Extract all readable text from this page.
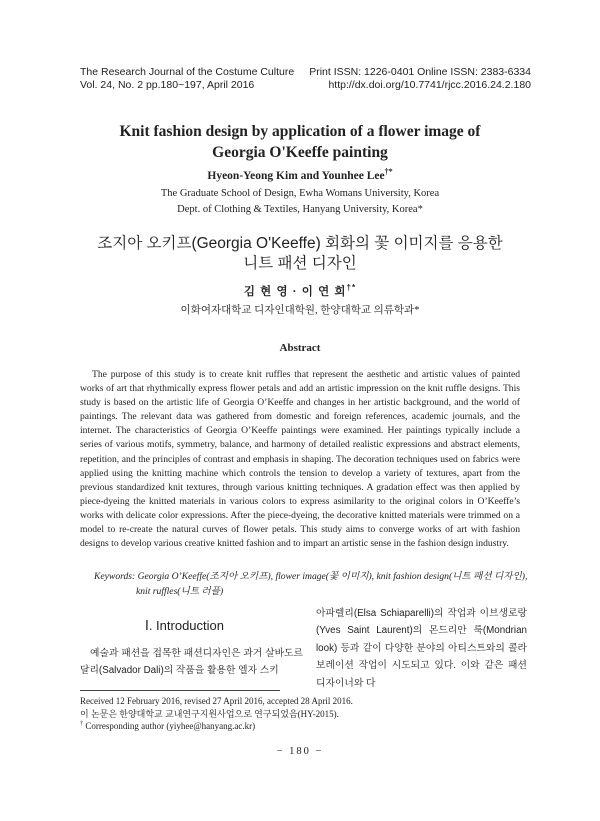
The Research Journal of the Costume Culture
Vol. 24, No. 2 pp.180~197, April 2016
Print ISSN: 1226-0401 Online ISSN: 2383-6334
http://dx.doi.org/10.7741/rjcc.2016.24.2.180
Knit fashion design by application of a flower image of
Georgia O'Keeffe painting
Hyeon-Yeong Kim and Younhee Lee†*
The Graduate School of Design, Ewha Womans University, Korea
Dept. of Clothing & Textiles, Hanyang University, Korea*
조지아 오키프(Georgia O'Keeffe) 회화의 꽃 이미지를 응용한
니트 패션 디자인
김 현 영 · 이 연 희†*
이화여자대학교 디자인대학원, 한양대학교 의류학과*
Abstract
The purpose of this study is to create knit ruffles that represent the aesthetic and artistic values of painted works of art that rhythmically express flower petals and add an artistic impression on the knit ruffle designs. This study is based on the artistic life of Georgia O’Keeffe and changes in her artistic background, and the world of paintings. The relevant data was gathered from domestic and foreign references, academic journals, and the internet. The characteristics of Georgia O’Keeffe paintings were examined. Her paintings typically include a series of various motifs, symmetry, balance, and harmony of detailed realistic expressions and abstract elements, repetition, and the principles of contrast and emphasis in shaping. The decoration techniques used on fabrics were applied using the knitting machine which controls the tension to develop a variety of textures, apart from the previous standardized knit textures, through various knitting techniques. A gradation effect was then applied by piece-dyeing the knitted materials in various colors to express asimilarity to the original colors in O’Keeffe’s works with delicate color expressions. After the piece-dyeing, the decorative knitted materials were trimmed on a model to re-create the natural curves of flower petals. This study aims to converge works of art with fashion designs to develop various creative knitted fashion and to impart an artistic sense in the fashion design industry.
Keywords: Georgia O’Keeffe(조지아 오키프), flower image(꽃 이미지), knit fashion design(니트 패션 디자인),
knit ruffles(니트 러플)
Ⅰ. Introduction
예술과 패션을 접목한 패션디자인은 과거 살바도르 달리(Salvador Dali)의 작품을 활용한 엘자 스키
아파렐리(Elsa Schiaparelli)의 작업과 이브생로랑(Yves Saint Laurent)의 몬드리안 룩(Mondrian look) 등과 같이 다양한 분야의 아티스트와의 콜라보레이션 작업이 시도되고 있다. 이와 같은 패션 디자이너와 다
Received 12 February 2016, revised 27 April 2016, accepted 28 April 2016.
이 논문은 한양대학교 교내연구지원사업으로 연구되었음(HY-2015).
† Corresponding author (yiyhee@hanyang.ac.kr)
− 180 −
